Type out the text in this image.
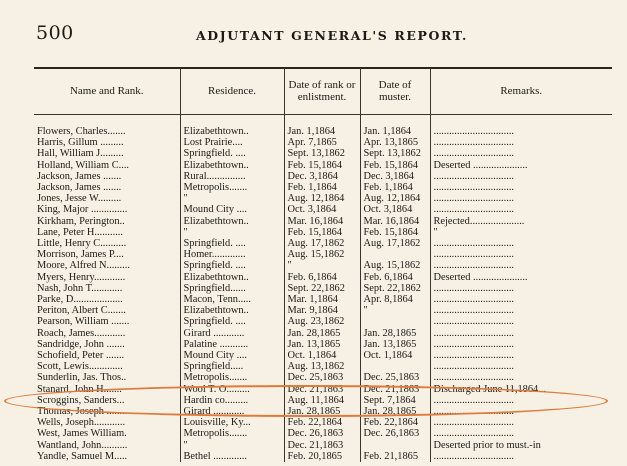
500	ADJUTANT GENERAL'S REPORT.
Name and Rank.	Residence.	Date of rank or enlistment.	Date of muster.	Remarks.

Flowers, Charles.......	Elizabethtown..	Jan. 1,1864	Jan. 1,1864	...............................
Harris, Gillum .........	Lost Prairie....	Apr. 7,1865	Apr. 13,1865	...............................
Hall, William J.........	Springfield. ....	Sept. 13,1862	Sept. 13,1862	...............................
Holland, William C....	Elizabethtown..	Feb. 15,1864	Feb. 15,1864	Deserted .....................
Jackson, James .......	Rural...............	Dec. 3,1864	Dec. 3,1864	...............................
Jackson, James .......	Metropolis.......	Feb. 1,1864	Feb. 1,1864	...............................
Jones, Jesse W.........	"	Aug. 12,1864	Aug. 12,1864	...............................
King, Major ..............	Mound City ....	Oct. 3,1864	Oct. 3,1864	...............................
Kirkham, Perington..	Elizabethtown..	Mar. 16,1864	Mar. 16,1864	Rejected.....................
Lane, Peter H...........	"	Feb. 15,1864	Feb. 15,1864	"
Little, Henry C..........	Springfield. ....	Aug. 17,1862	Aug. 17,1862	...............................
Morrison, James P....	Homer.............	Aug. 15,1862		...............................
Moore, Alfred N.........	Springfield. ....	"	Aug. 15,1862	...............................
Myers, Henry............	Elizabethtown..	Feb. 6,1864	Feb. 6,1864	Deserted .....................
Nash, John T............	Springfield......	Sept. 22,1862	Sept. 22,1862	...............................
Parke, D...................	Macon, Tenn.....	Mar. 1,1864	Apr. 8,1864	...............................
Periton, Albert C.......	Elizabethtown..	Mar. 9,1864	"	...............................
Pearson, William .......	Springfield. ....	Aug. 23,1862		...............................
Roach, James............	Girard ............	Jan. 28,1865	Jan. 28,1865	...............................
Sandridge, John .......	Palatine ...........	Jan. 13,1865	Jan. 13,1865	...............................
Schofield, Peter .......	Mound City ....	Oct. 1,1864	Oct. 1,1864	...............................
Scott, Lewis.............	Springfield.....	Aug. 13,1862		...............................
Sunderlin, Jas. Thos..	Metropolis.......	Dec. 25,1863	Dec. 25,1863	...............................
Stanard, John H.......	Wool T. O.........	Dec. 21,1863	Dec. 21,1863	Discharged June 11,1864...
Scroggins, Sanders...	Hardin co.........	Aug. 11,1864	Sept. 7,1864	...............................
Thomas, Joseph ........	Girard ............	Jan. 28,1865	Jan. 28,1865	...............................
Wells, Joseph............	Louisville, Ky...	Feb. 22,1864	Feb. 22,1864	...............................
West, James William.	Metropolis.......	Dec. 26,1863	Dec. 26,1863	...............................
Wantland, John..........	"	Dec. 21,1863		Deserted prior to must.-in
Yandle, Samuel M.....	Bethel .............	Feb. 20,1865	Feb. 21,1865	...............................
